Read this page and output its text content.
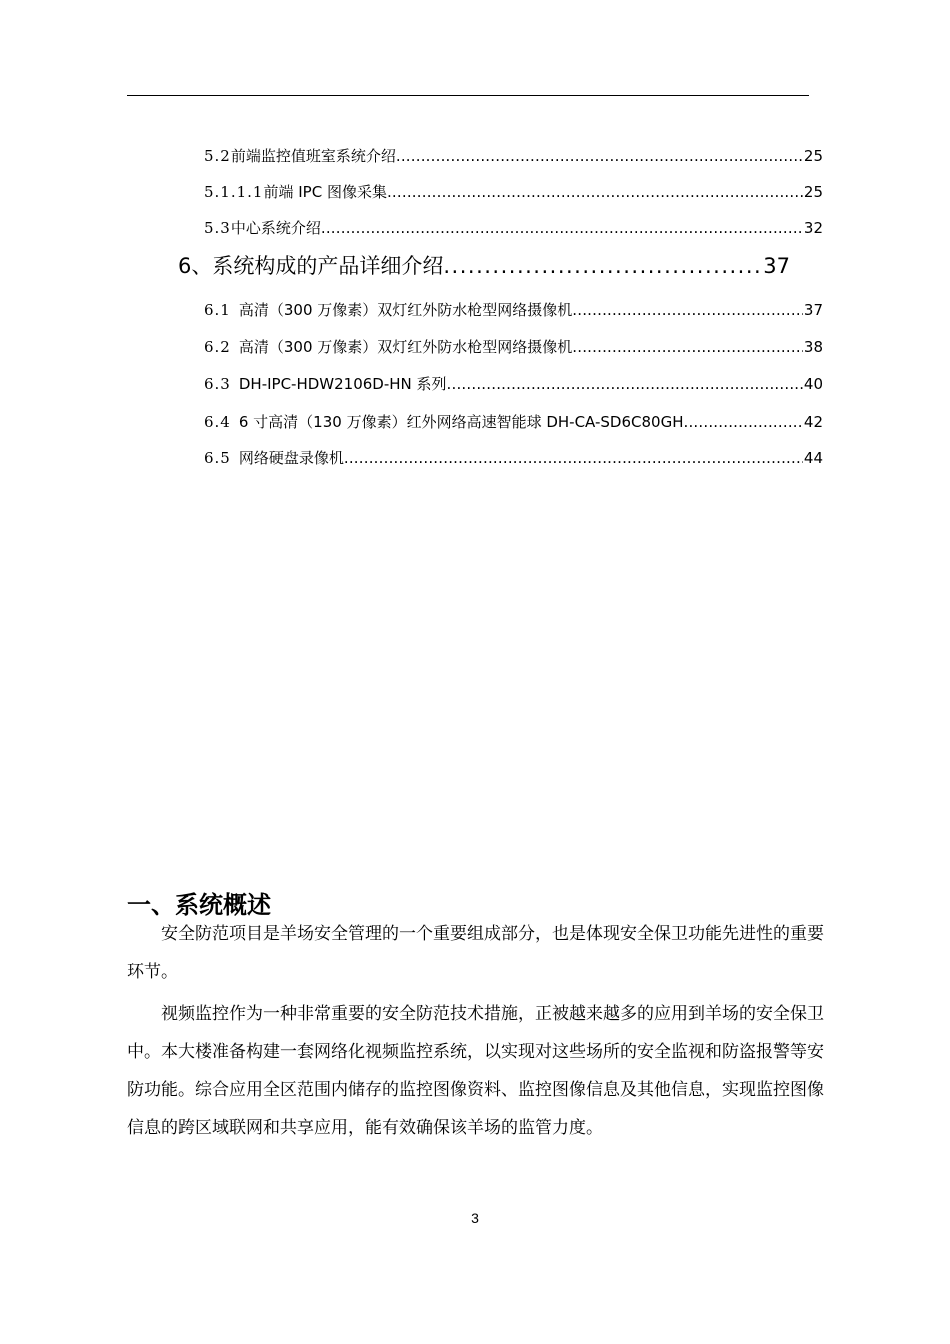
5.2 前端监控值班室系统介绍 .....	25
5.1.1.1 前端 IPC 图像采集 .....	25
5.3 中心系统介绍 .....	32
6、 系统构成的产品详细介绍 .....	37
6.1 高清（300 万像素）双灯红外防水枪型网络摄像机 .....	37
6.2 高清（300 万像素）双灯红外防水枪型网络摄像机 .....	38
6.3 DH-IPC-HDW2106D-HN 系列 .....	40
6.4 6 寸高清（130 万像素）红外网络高速智能球 DH-CA-SD6C80GH .....	42
6.5 网络硬盘录像机 .....	44
一、系统概述

安全防范项目是羊场安全管理的一个重要组成部分，也是体现安全保卫功能先进性的重要环节。

视频监控作为一种非常重要的安全防范技术措施，正被越来越多的应用到羊场的安全保卫中。本大楼准备构建一套网络化视频监控系统，以实现对这些场所的安全监视和防盗报警等安防功能。综合应用全区范围内储存的监控图像资料、监控图像信息及其他信息，实现监控图像信息的跨区域联网和共享应用，能有效确保该羊场的监管力度。

3
